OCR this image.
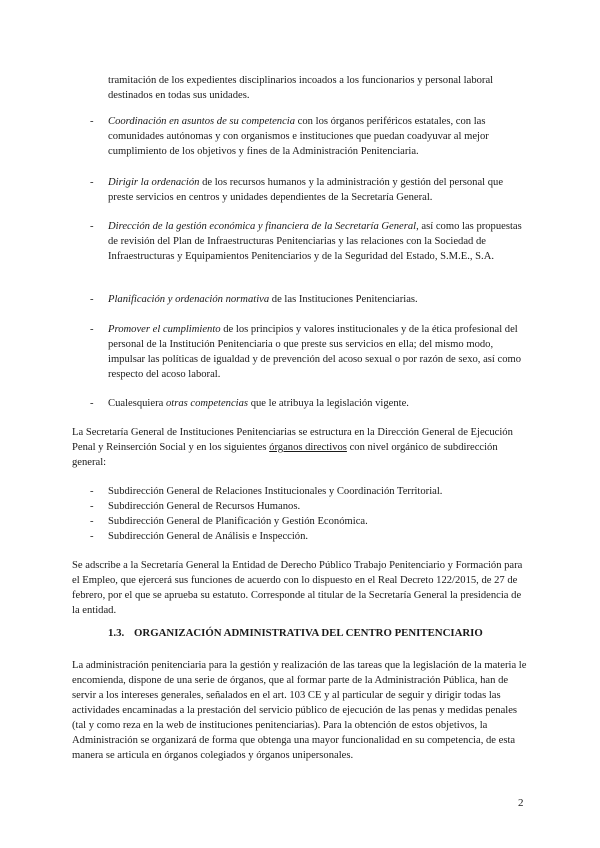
tramitación de los expedientes disciplinarios incoados a los funcionarios y personal laboral destinados en todas sus unidades.
- Coordinación en asuntos de su competencia con los órganos periféricos estatales, con las comunidades autónomas y con organismos e instituciones que puedan coadyuvar al mejor cumplimiento de los objetivos y fines de la Administración Penitenciaria.
- Dirigir la ordenación de los recursos humanos y la administración y gestión del personal que preste servicios en centros y unidades dependientes de la Secretaría General.
- Dirección de la gestión económica y financiera de la Secretaría General, así como las propuestas de revisión del Plan de Infraestructuras Penitenciarias y las relaciones con la Sociedad de Infraestructuras y Equipamientos Penitenciarios y de la Seguridad del Estado, S.M.E., S.A.
- Planificación y ordenación normativa de las Instituciones Penitenciarias.
- Promover el cumplimiento de los principios y valores institucionales y de la ética profesional del personal de la Institución Penitenciaria o que preste sus servicios en ella; del mismo modo, impulsar las políticas de igualdad y de prevención del acoso sexual o por razón de sexo, así como respecto del acoso laboral.
- Cualesquiera otras competencias que le atribuya la legislación vigente.
La Secretaría General de Instituciones Penitenciarias se estructura en la Dirección General de Ejecución Penal y Reinserción Social y en los siguientes órganos directivos con nivel orgánico de subdirección general:
- Subdirección General de Relaciones Institucionales y Coordinación Territorial.
- Subdirección General de Recursos Humanos.
- Subdirección General de Planificación y Gestión Económica.
- Subdirección General de Análisis e Inspección.
Se adscribe a la Secretaría General la Entidad de Derecho Público Trabajo Penitenciario y Formación para el Empleo, que ejercerá sus funciones de acuerdo con lo dispuesto en el Real Decreto 122/2015, de 27 de febrero, por el que se aprueba su estatuto. Corresponde al titular de la Secretaría General la presidencia de la entidad.
1.3. ORGANIZACIÓN ADMINISTRATIVA DEL CENTRO PENITENCIARIO
La administración penitenciaria para la gestión y realización de las tareas que la legislación de la materia le encomienda, dispone de una serie de órganos, que al formar parte de la Administración Pública, han de servir a los intereses generales, señalados en el art. 103 CE y al particular de seguir y dirigir todas las actividades encaminadas a la prestación del servicio público de ejecución de las penas y medidas penales (tal y como reza en la web de instituciones penitenciarias). Para la obtención de estos objetivos, la Administración se organizará de forma que obtenga una mayor funcionalidad en su competencia, de esta manera se articula en órganos colegiados y órganos unipersonales.
2
